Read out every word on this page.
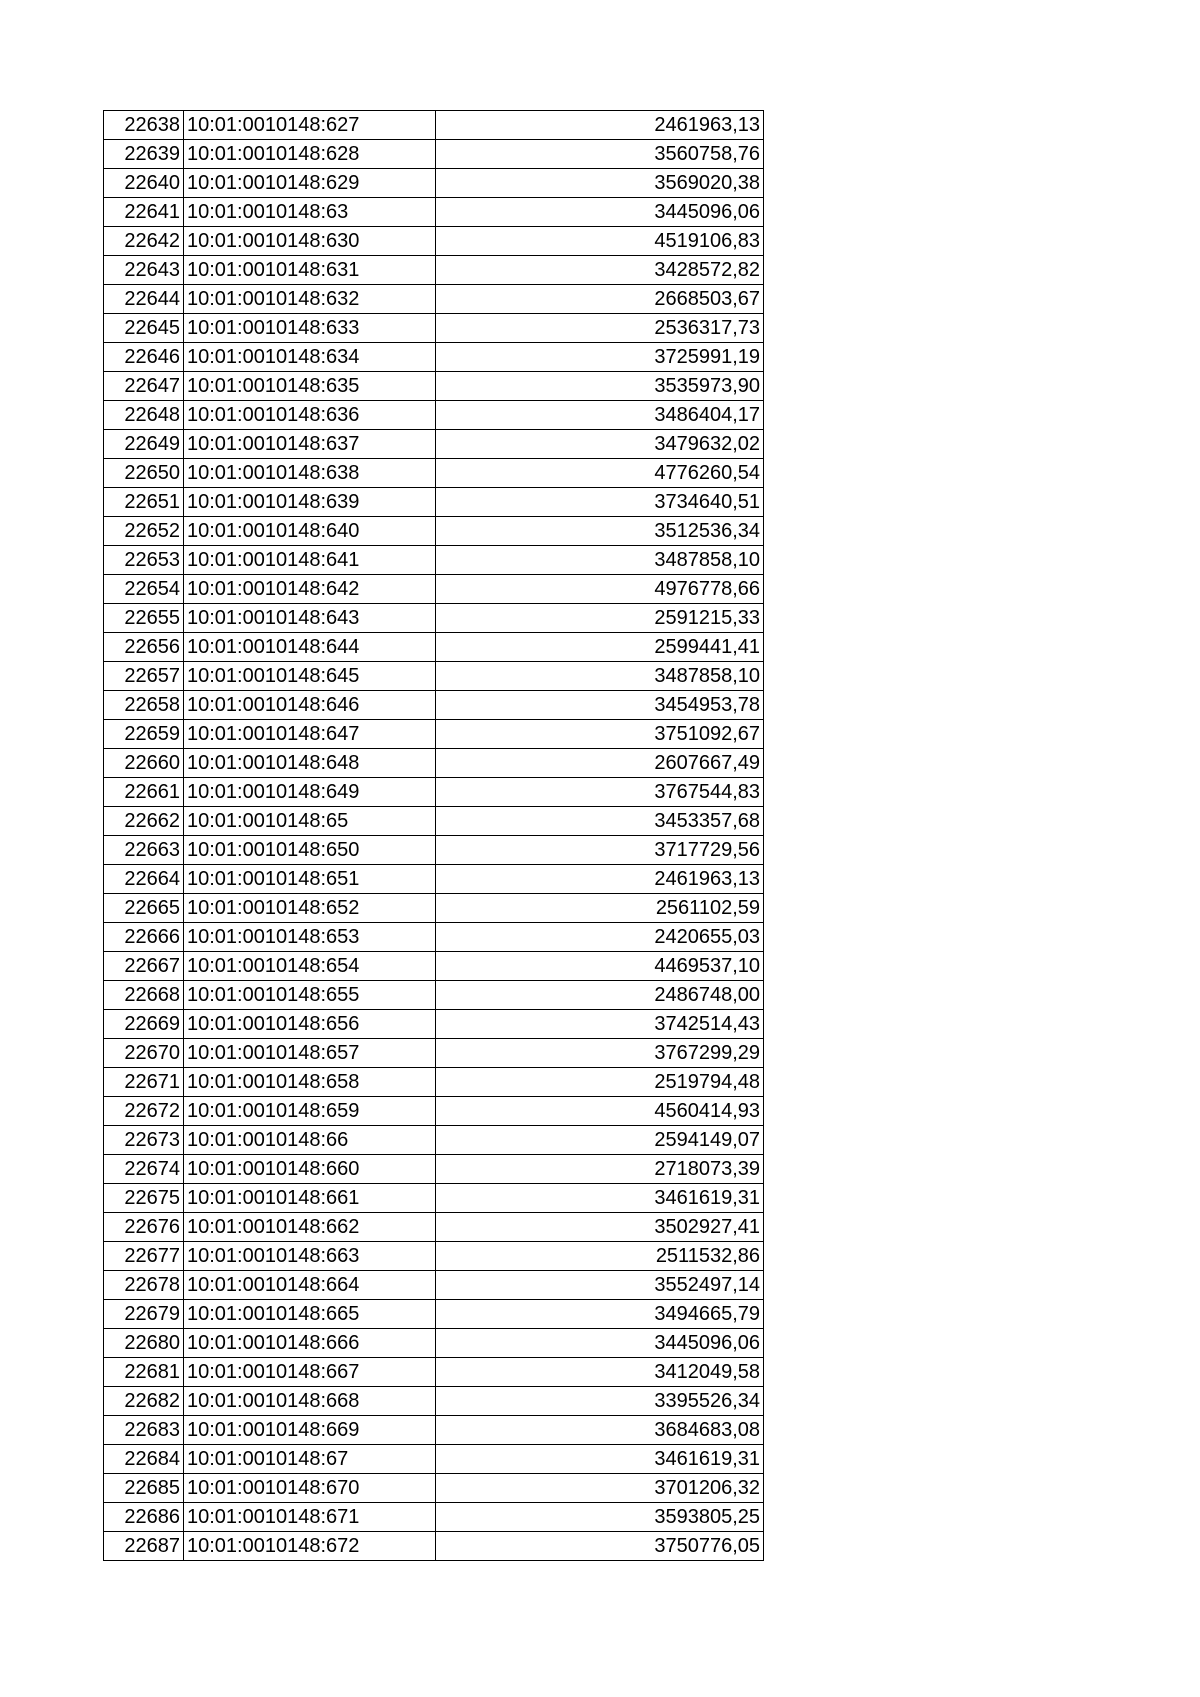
22638	10:01:0010148:627	2461963,13
22639	10:01:0010148:628	3560758,76
22640	10:01:0010148:629	3569020,38
22641	10:01:0010148:63	3445096,06
22642	10:01:0010148:630	4519106,83
22643	10:01:0010148:631	3428572,82
22644	10:01:0010148:632	2668503,67
22645	10:01:0010148:633	2536317,73
22646	10:01:0010148:634	3725991,19
22647	10:01:0010148:635	3535973,90
22648	10:01:0010148:636	3486404,17
22649	10:01:0010148:637	3479632,02
22650	10:01:0010148:638	4776260,54
22651	10:01:0010148:639	3734640,51
22652	10:01:0010148:640	3512536,34
22653	10:01:0010148:641	3487858,10
22654	10:01:0010148:642	4976778,66
22655	10:01:0010148:643	2591215,33
22656	10:01:0010148:644	2599441,41
22657	10:01:0010148:645	3487858,10
22658	10:01:0010148:646	3454953,78
22659	10:01:0010148:647	3751092,67
22660	10:01:0010148:648	2607667,49
22661	10:01:0010148:649	3767544,83
22662	10:01:0010148:65	3453357,68
22663	10:01:0010148:650	3717729,56
22664	10:01:0010148:651	2461963,13
22665	10:01:0010148:652	2561102,59
22666	10:01:0010148:653	2420655,03
22667	10:01:0010148:654	4469537,10
22668	10:01:0010148:655	2486748,00
22669	10:01:0010148:656	3742514,43
22670	10:01:0010148:657	3767299,29
22671	10:01:0010148:658	2519794,48
22672	10:01:0010148:659	4560414,93
22673	10:01:0010148:66	2594149,07
22674	10:01:0010148:660	2718073,39
22675	10:01:0010148:661	3461619,31
22676	10:01:0010148:662	3502927,41
22677	10:01:0010148:663	2511532,86
22678	10:01:0010148:664	3552497,14
22679	10:01:0010148:665	3494665,79
22680	10:01:0010148:666	3445096,06
22681	10:01:0010148:667	3412049,58
22682	10:01:0010148:668	3395526,34
22683	10:01:0010148:669	3684683,08
22684	10:01:0010148:67	3461619,31
22685	10:01:0010148:670	3701206,32
22686	10:01:0010148:671	3593805,25
22687	10:01:0010148:672	3750776,05
